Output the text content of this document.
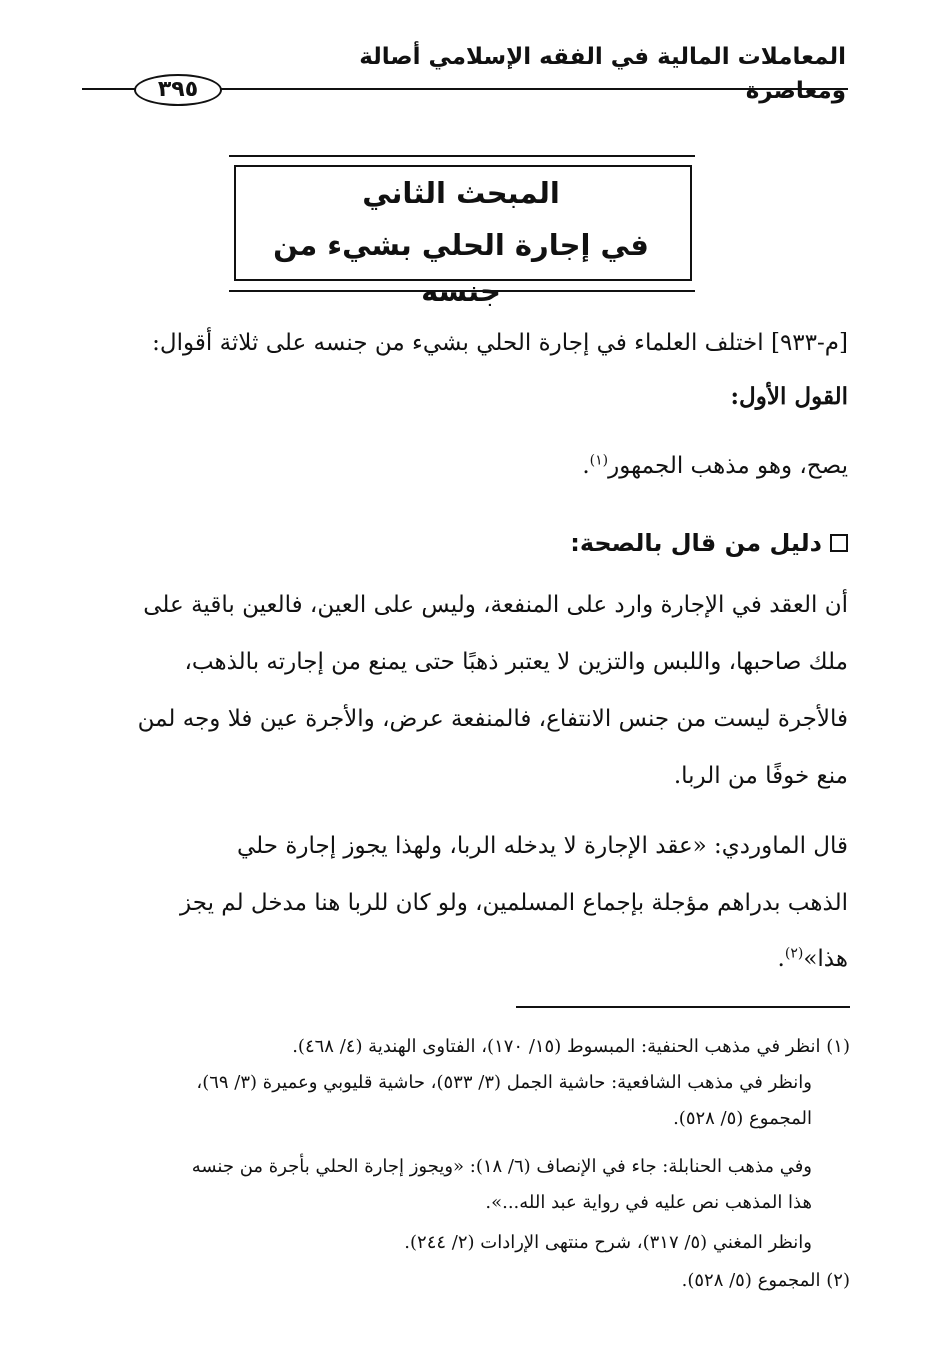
المعاملات المالية في الفقه الإسلامي أصالة ومعاصرة
٣٩٥
المبحث الثاني
في إجارة الحلي بشيء من جنسه
[م-٩٣٣] اختلف العلماء في إجارة الحلي بشيء من جنسه على ثلاثة أقوال:
القول الأول:
يصح، وهو مذهب الجمهور$^{(١)}$.
دليل من قال بالصحة:
أن العقد في الإجارة وارد على المنفعة، وليس على العين، فالعين باقية على
ملك صاحبها، واللبس والتزين لا يعتبر ذهبًا حتى يمنع من إجارته بالذهب،
فالأجرة ليست من جنس الانتفاع، فالمنفعة عرض، والأجرة عين فلا وجه لمن
منع خوفًا من الربا.
قال الماوردي: «عقد الإجارة لا يدخله الربا، ولهذا يجوز إجارة حلي
الذهب بدراهم مؤجلة بإجماع المسلمين، ولو كان للربا هنا مدخل لم يجز
هذا»$^{(٢)}$.
(١) انظر في مذهب الحنفية: المبسوط (١٥/ ١٧٠)، الفتاوى الهندية (٤/ ٤٦٨).
وانظر في مذهب الشافعية: حاشية الجمل (٣/ ٥٣٣)، حاشية قليوبي وعميرة (٣/ ٦٩)،
المجموع (٥/ ٥٢٨).
وفي مذهب الحنابلة: جاء في الإنصاف (٦/ ١٨): «ويجوز إجارة الحلي بأجرة من جنسه
هذا المذهب نص عليه في رواية عبد الله...».
وانظر المغني (٥/ ٣١٧)، شرح منتهى الإرادات (٢/ ٢٤٤).
(٢) المجموع (٥/ ٥٢٨).
